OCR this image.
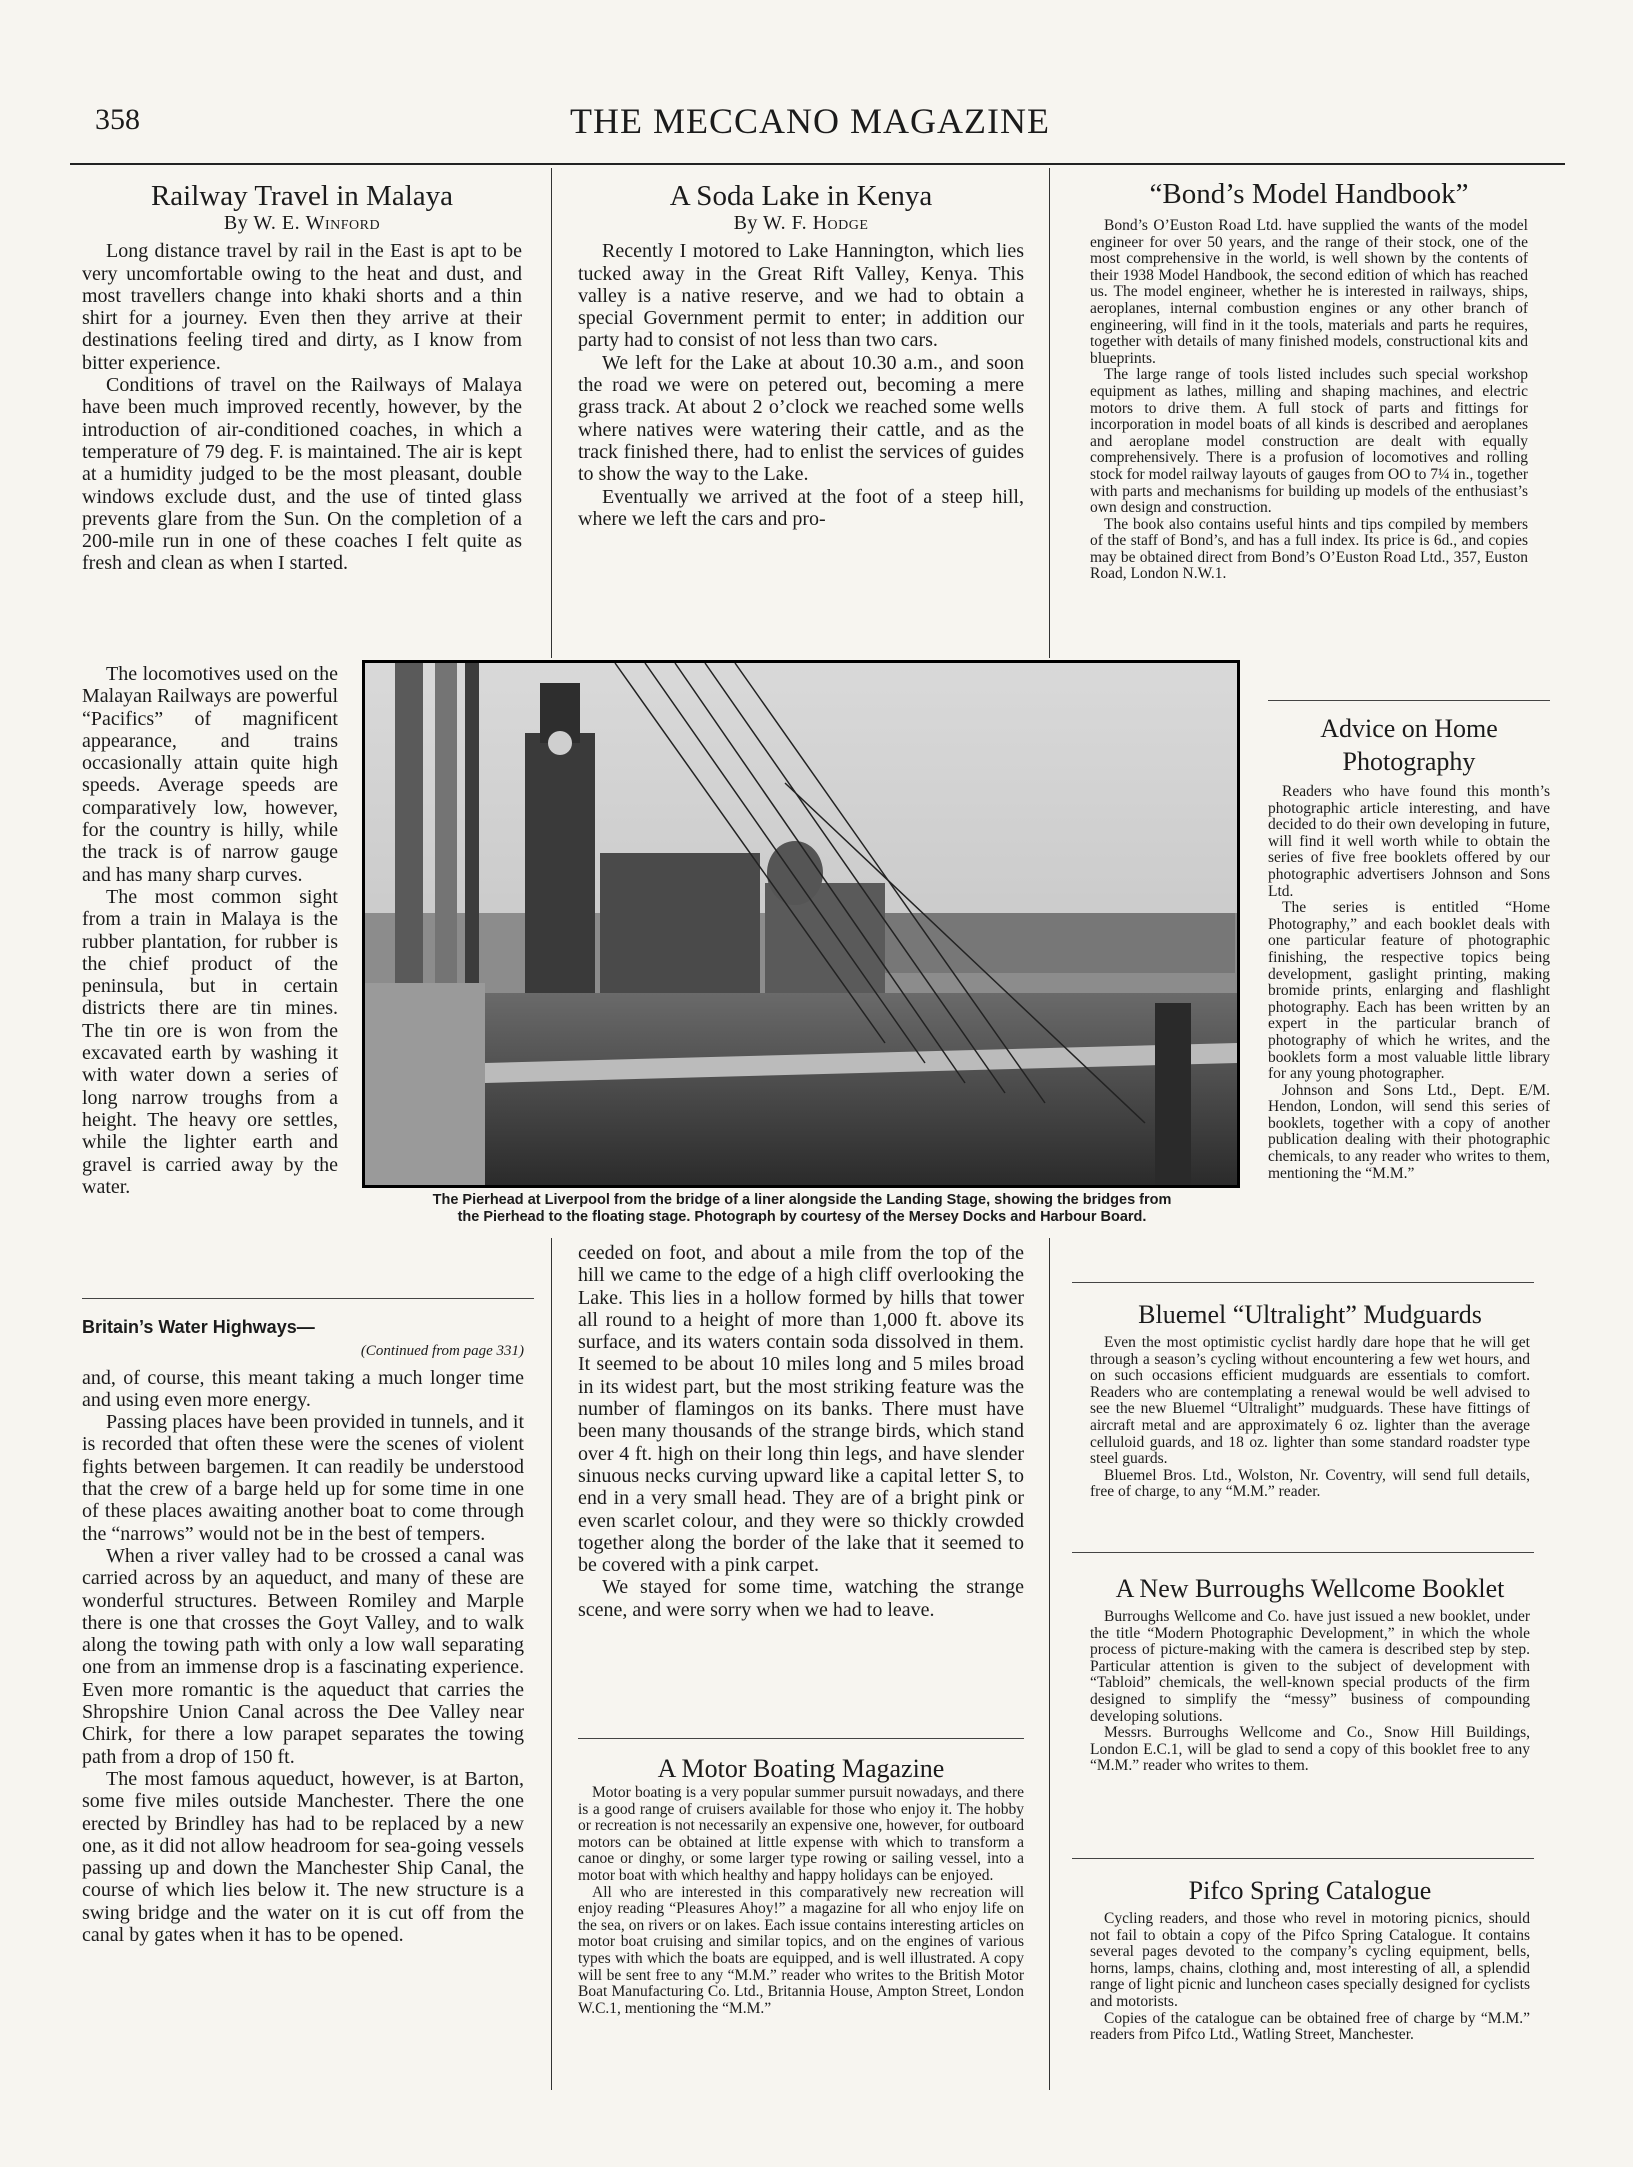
358	THE MECCANO MAGAZINE
Railway Travel in Malaya
By W. E. Winford

Long distance travel by rail in the East is apt to be very uncomfortable owing to the heat and dust, and most travellers change into khaki shorts and a thin shirt for a journey. Even then they arrive at their destinations feeling tired and dirty, as I know from bitter experience.

Conditions of travel on the Railways of Malaya have been much improved recently, however, by the introduction of air-conditioned coaches, in which a temperature of 79 deg. F. is maintained. The air is kept at a humidity judged to be the most pleasant, double windows exclude dust, and the use of tinted glass prevents glare from the Sun. On the completion of a 200-mile run in one of these coaches I felt quite as fresh and clean as when I started.

The locomotives used on the Malayan Railways are powerful “Pacifics” of magnificent appearance, and trains occasionally attain quite high speeds. Average speeds are comparatively low, however, for the country is hilly, while the track is of narrow gauge and has many sharp curves.

The most common sight from a train in Malaya is the rubber plantation, for rubber is the chief product of the peninsula, but in certain districts there are tin mines. The tin ore is won from the excavated earth by washing it with water down a series of long narrow troughs from a height. The heavy ore settles, while the lighter earth and gravel is carried away by the water.

Britain’s Water Highways—
(Continued from page 331)

and, of course, this meant taking a much longer time and using even more energy.

Passing places have been provided in tunnels, and it is recorded that often these were the scenes of violent fights between bargemen. It can readily be understood that the crew of a barge held up for some time in one of these places awaiting another boat to come through the “narrows” would not be in the best of tempers.

When a river valley had to be crossed a canal was carried across by an aqueduct, and many of these are wonderful structures. Between Romiley and Marple there is one that crosses the Goyt Valley, and to walk along the towing path with only a low wall separating one from an immense drop is a fascinating experience. Even more romantic is the aqueduct that carries the Shropshire Union Canal across the Dee Valley near Chirk, for there a low parapet separates the towing path from a drop of 150 ft.

The most famous aqueduct, however, is at Barton, some five miles outside Manchester. There the one erected by Brindley has had to be replaced by a new one, as it did not allow headroom for sea-going vessels passing up and down the Manchester Ship Canal, the course of which lies below it. The new structure is a swing bridge and the water on it is cut off from the canal by gates when it has to be opened.

A Soda Lake in Kenya
By W. F. Hodge

Recently I motored to Lake Hannington, which lies tucked away in the Great Rift Valley, Kenya. This valley is a native reserve, and we had to obtain a special Government permit to enter; in addition our party had to consist of not less than two cars.

We left for the Lake at about 10.30 a.m., and soon the road we were on petered out, becoming a mere grass track. At about 2 o’clock we reached some wells where natives were watering their cattle, and as the track finished there, had to enlist the services of guides to show the way to the Lake.

Eventually we arrived at the foot of a steep hill, where we left the cars and pro-

ceeded on foot, and about a mile from the top of the hill we came to the edge of a high cliff overlooking the Lake. This lies in a hollow formed by hills that tower all round to a height of more than 1,000 ft. above its surface, and its waters contain soda dissolved in them. It seemed to be about 10 miles long and 5 miles broad in its widest part, but the most striking feature was the number of flamingos on its banks. There must have been many thousands of the strange birds, which stand over 4 ft. high on their long thin legs, and have slender sinuous necks curving upward like a capital letter S, to end in a very small head. They are of a bright pink or even scarlet colour, and they were so thickly crowded together along the border of the lake that it seemed to be covered with a pink carpet.

We stayed for some time, watching the strange scene, and were sorry when we had to leave.

A Motor Boating Magazine

Motor boating is a very popular summer pursuit nowadays, and there is a good range of cruisers available for those who enjoy it. The hobby or recreation is not necessarily an expensive one, however, for outboard motors can be obtained at little expense with which to transform a canoe or dinghy, or some larger type rowing or sailing vessel, into a motor boat with which healthy and happy holidays can be enjoyed.

All who are interested in this comparatively new recreation will enjoy reading “Pleasures Ahoy!” a magazine for all who enjoy life on the sea, on rivers or on lakes. Each issue contains interesting articles on motor boat cruising and similar topics, and on the engines of various types with which the boats are equipped, and is well illustrated. A copy will be sent free to any “M.M.” reader who writes to the British Motor Boat Manufacturing Co. Ltd., Britannia House, Ampton Street, London W.C.1, mentioning the “M.M.”

“Bond’s Model Handbook”

Bond’s O’Euston Road Ltd. have supplied the wants of the model engineer for over 50 years, and the range of their stock, one of the most comprehensive in the world, is well shown by the contents of their 1938 Model Handbook, the second edition of which has reached us. The model engineer, whether he is interested in railways, ships, aeroplanes, internal combustion engines or any other branch of engineering, will find in it the tools, materials and parts he requires, together with details of many finished models, constructional kits and blueprints.

The large range of tools listed includes such special workshop equipment as lathes, milling and shaping machines, and electric motors to drive them. A full stock of parts and fittings for incorporation in model boats of all kinds is described and aeroplanes and aeroplane model construction are dealt with equally comprehensively. There is a profusion of locomotives and rolling stock for model railway layouts of gauges from OO to 7¼ in., together with parts and mechanisms for building up models of the enthusiast’s own design and construction.

The book also contains useful hints and tips compiled by members of the staff of Bond’s, and has a full index. Its price is 6d., and copies may be obtained direct from Bond’s O’Euston Road Ltd., 357, Euston Road, London N.W.1.

Advice on Home Photography

Readers who have found this month’s photographic article interesting, and have decided to do their own developing in future, will find it well worth while to obtain the series of five free booklets offered by our photographic advertisers Johnson and Sons Ltd.

The series is entitled “Home Photography,” and each booklet deals with one particular feature of photographic finishing, the respective topics being development, gaslight printing, making bromide prints, enlarging and flashlight photography. Each has been written by an expert in the particular branch of photography of which he writes, and the booklets form a most valuable little library for any young photographer.

Johnson and Sons Ltd., Dept. E/M. Hendon, London, will send this series of booklets, together with a copy of another publication dealing with their photographic chemicals, to any reader who writes to them, mentioning the “M.M.”

Bluemel “Ultralight” Mudguards

Even the most optimistic cyclist hardly dare hope that he will get through a season’s cycling without encountering a few wet hours, and on such occasions efficient mudguards are essentials to comfort. Readers who are contemplating a renewal would be well advised to see the new Bluemel “Ultralight” mudguards. These have fittings of aircraft metal and are approximately 6 oz. lighter than the average celluloid guards, and 18 oz. lighter than some standard roadster type steel guards.

Bluemel Bros. Ltd., Wolston, Nr. Coventry, will send full details, free of charge, to any “M.M.” reader.

A New Burroughs Wellcome Booklet

Burroughs Wellcome and Co. have just issued a new booklet, under the title “Modern Photographic Development,” in which the whole process of picture-making with the camera is described step by step. Particular attention is given to the subject of development with “Tabloid” chemicals, the well-known special products of the firm designed to simplify the “messy” business of compounding developing solutions.

Messrs. Burroughs Wellcome and Co., Snow Hill Buildings, London E.C.1, will be glad to send a copy of this booklet free to any “M.M.” reader who writes to them.

Pifco Spring Catalogue

Cycling readers, and those who revel in motoring picnics, should not fail to obtain a copy of the Pifco Spring Catalogue. It contains several pages devoted to the company’s cycling equipment, bells, horns, lamps, chains, clothing and, most interesting of all, a splendid range of light picnic and luncheon cases specially designed for cyclists and motorists.

Copies of the catalogue can be obtained free of charge by “M.M.” readers from Pifco Ltd., Watling Street, Manchester.

The Pierhead at Liverpool from the bridge of a liner alongside the Landing Stage, showing the bridges from
the Pierhead to the floating stage. Photograph by courtesy of the Mersey Docks and Harbour Board.
